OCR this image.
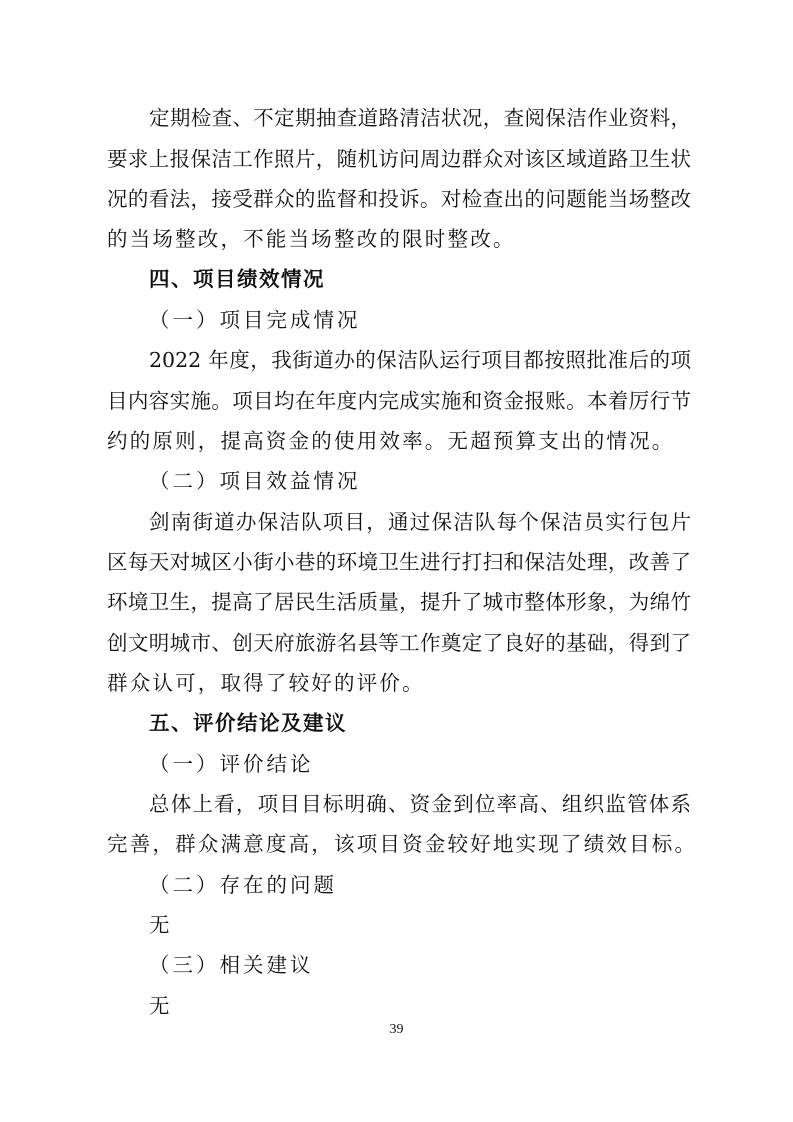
定期检查、不定期抽查道路清洁状况，查阅保洁作业资料，
要求上报保洁工作照片，随机访问周边群众对该区域道路卫生状
况的看法，接受群众的监督和投诉。对检查出的问题能当场整改
的当场整改，不能当场整改的限时整改。
四、项目绩效情况
（一）项目完成情况
2022 年度，我街道办的保洁队运行项目都按照批准后的项
目内容实施。项目均在年度内完成实施和资金报账。本着厉行节
约的原则，提高资金的使用效率。无超预算支出的情况。
（二）项目效益情况
剑南街道办保洁队项目，通过保洁队每个保洁员实行包片
区每天对城区小街小巷的环境卫生进行打扫和保洁处理，改善了
环境卫生，提高了居民生活质量，提升了城市整体形象，为绵竹
创文明城市、创天府旅游名县等工作奠定了良好的基础，得到了
群众认可，取得了较好的评价。
五、评价结论及建议
（一）评价结论
总体上看，项目目标明确、资金到位率高、组织监管体系
完善，群众满意度高，该项目资金较好地实现了绩效目标。
（二）存在的问题
无
（三）相关建议
无
39
